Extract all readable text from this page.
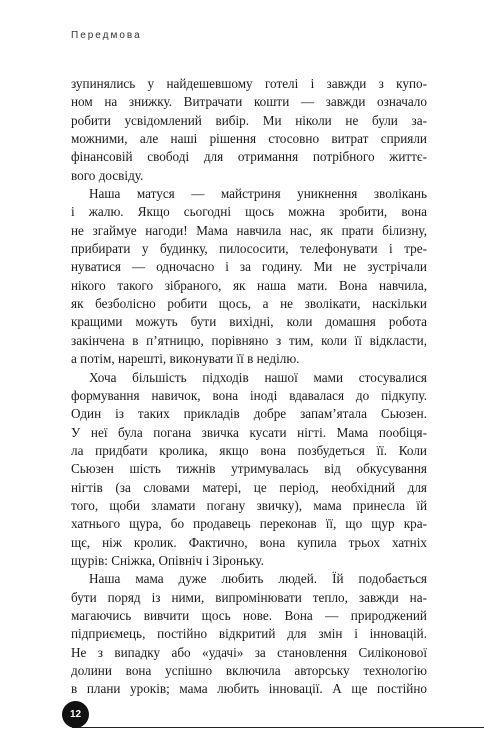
Передмова
зупинялись у найдешевшому готелі і завжди з купо-
ном на знижку. Витрачати кошти — завжди означало
робити усвідомлений вибір. Ми ніколи не були за-
можними, але наші рішення стосовно витрат сприяли
фінансовій свободі для отримання потрібного життє-
вого досвіду.
Наша матуся — майстриня уникнення зволікань
і жалю. Якщо сьогодні щось можна зробити, вона
не згаймуе нагоди! Мама навчила нас, як прати білизну,
прибирати у будинку, пилососити, телефонувати і тре-
нуватися — одночасно і за годину. Ми не зустрічали
нікого такого зібраного, як наша мати. Вона навчила,
як безболісно робити щось, а не зволікати, наскільки
кращими можуть бути вихідні, коли домашня робота
закінчена в п’ятницю, порівняно з тим, коли її відкласти,
а потім, нарешті, виконувати її в неділю.
Хоча більшість підходів нашої мами стосувалися
формування навичок, вона іноді вдавалася до підкупу.
Один із таких прикладів добре запам’ятала Сьюзен.
У неї була погана звичка кусати нігті. Мама пообіця-
ла придбати кролика, якщо вона позбудеться її. Коли
Сьюзен шість тижнів утримувалась від обкусування
нігтів (за словами матері, це період, необхідний для
того, щоби зламати погану звичку), мама принесла їй
хатнього щура, бо продавець переконав її, що щур кра-
щє, ніж кролик. Фактично, вона купила трьох хатніх
щурів: Сніжка, Опівніч і Зіроньку.
Наша мама дуже любить людей. Їй подобається
бути поряд із ними, випромінювати тепло, завжди на-
магаючись вивчити щось нове. Вона — природжений
підприємець, постійно відкритий для змін і інновацій.
Не з випадку або «удачі» за становлення Силіконової
долини вона успішно включила авторську технологію
в плани уроків; мама любить інновації. А ще постійно
12
